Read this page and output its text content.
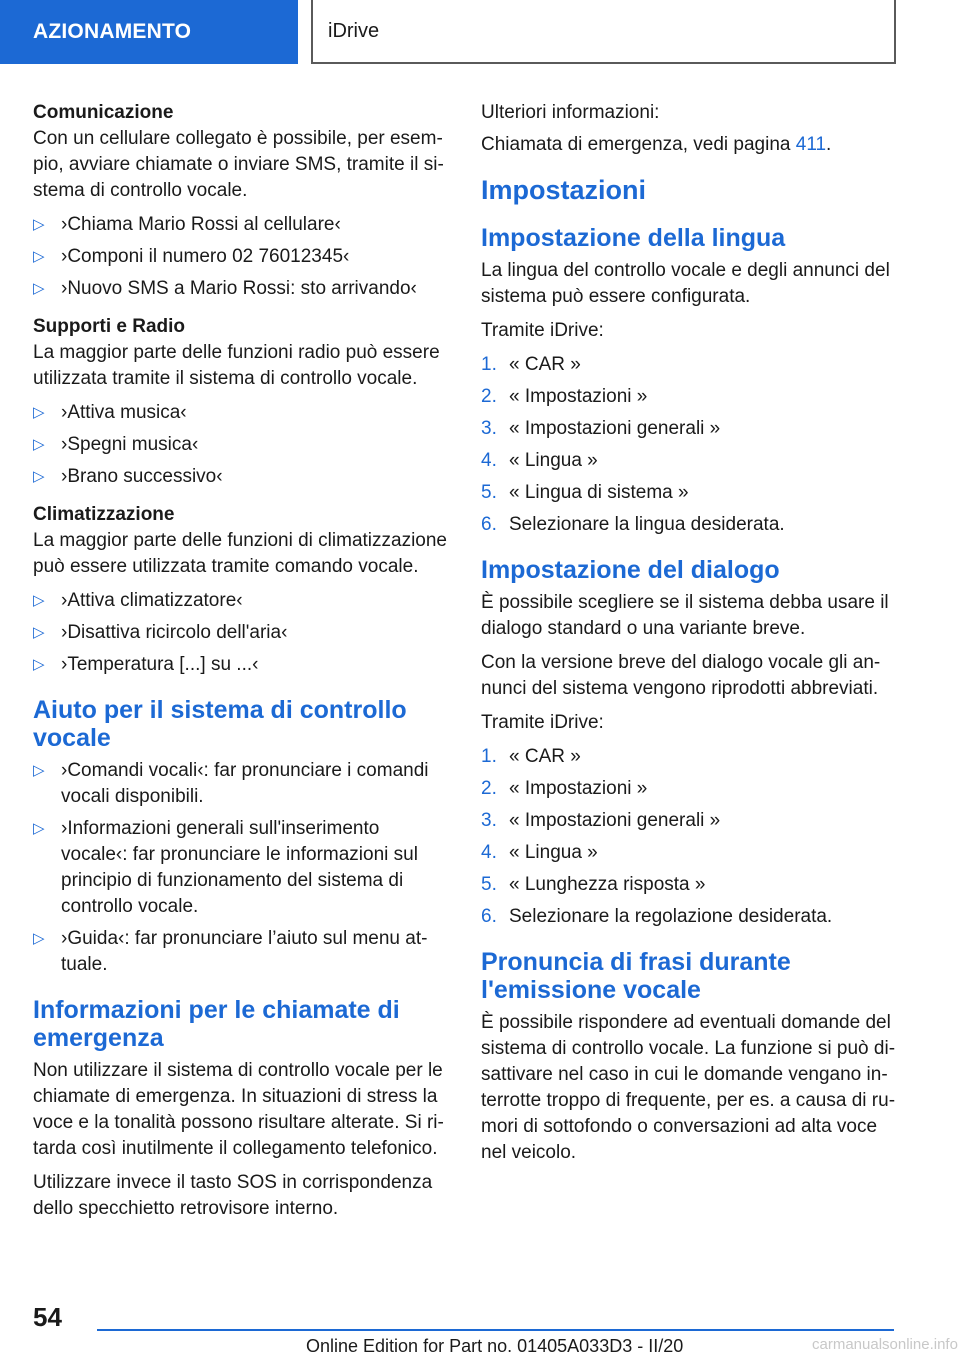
AZIONAMENTO	iDrive

Comunicazione

Con un cellulare collegato è possibile, per esempio, avviare chiamate o inviare SMS, tramite il sistema di controllo vocale.

▷ ›Chiama Mario Rossi al cellulare‹
▷ ›Componi il numero 02 76012345‹
▷ ›Nuovo SMS a Mario Rossi: sto arrivando‹

Supporti e Radio

La maggior parte delle funzioni radio può essere utilizzata tramite il sistema di controllo vocale.

▷ ›Attiva musica‹
▷ ›Spegni musica‹
▷ ›Brano successivo‹

Climatizzazione

La maggior parte delle funzioni di climatizzazione può essere utilizzata tramite comando vocale.

▷ ›Attiva climatizzatore‹
▷ ›Disattiva ricircolo dell'aria‹
▷ ›Temperatura [...] su ...‹
Aiuto per il sistema di controllo vocale
▷ ›Comandi vocali‹: far pronunciare i comandi vocali disponibili.
▷ ›Informazioni generali sull'inserimento vocale‹: far pronunciare le informazioni sul principio di funzionamento del sistema di controllo vocale.
▷ ›Guida‹: far pronunciare l’aiuto sul menu attuale.
Informazioni per le chiamate di emergenza

Non utilizzare il sistema di controllo vocale per le chiamate di emergenza. In situazioni di stress la voce e la tonalità possono risultare alterate. Si ritarda così inutilmente il collegamento telefonico.

Utilizzare invece il tasto SOS in corrispondenza dello specchietto retrovisore interno.

Ulteriori informazioni:

Chiamata di emergenza, vedi pagina 411.

Impostazioni
Impostazione della lingua

La lingua del controllo vocale e degli annunci del sistema può essere configurata.

Tramite iDrive:

1. « CAR »
2. « Impostazioni »
3. « Impostazioni generali »
4. « Lingua »
5. « Lingua di sistema »
6. Selezionare la lingua desiderata.
Impostazione del dialogo

È possibile scegliere se il sistema debba usare il dialogo standard o una variante breve.

Con la versione breve del dialogo vocale gli annunci del sistema vengono riprodotti abbreviati.

Tramite iDrive:

1. « CAR »
2. « Impostazioni »
3. « Impostazioni generali »
4. « Lingua »
5. « Lunghezza risposta »
6. Selezionare la regolazione desiderata.
Pronuncia di frasi durante l'emissione vocale

È possibile rispondere ad eventuali domande del sistema di controllo vocale. La funzione si può disattivare nel caso in cui le domande vengano interrotte troppo di frequente, per es. a causa di rumori di sottofondo o conversazioni ad alta voce nel veicolo.

54
Online Edition for Part no. 01405A033D3 - II/20	carmanualsonline.info
